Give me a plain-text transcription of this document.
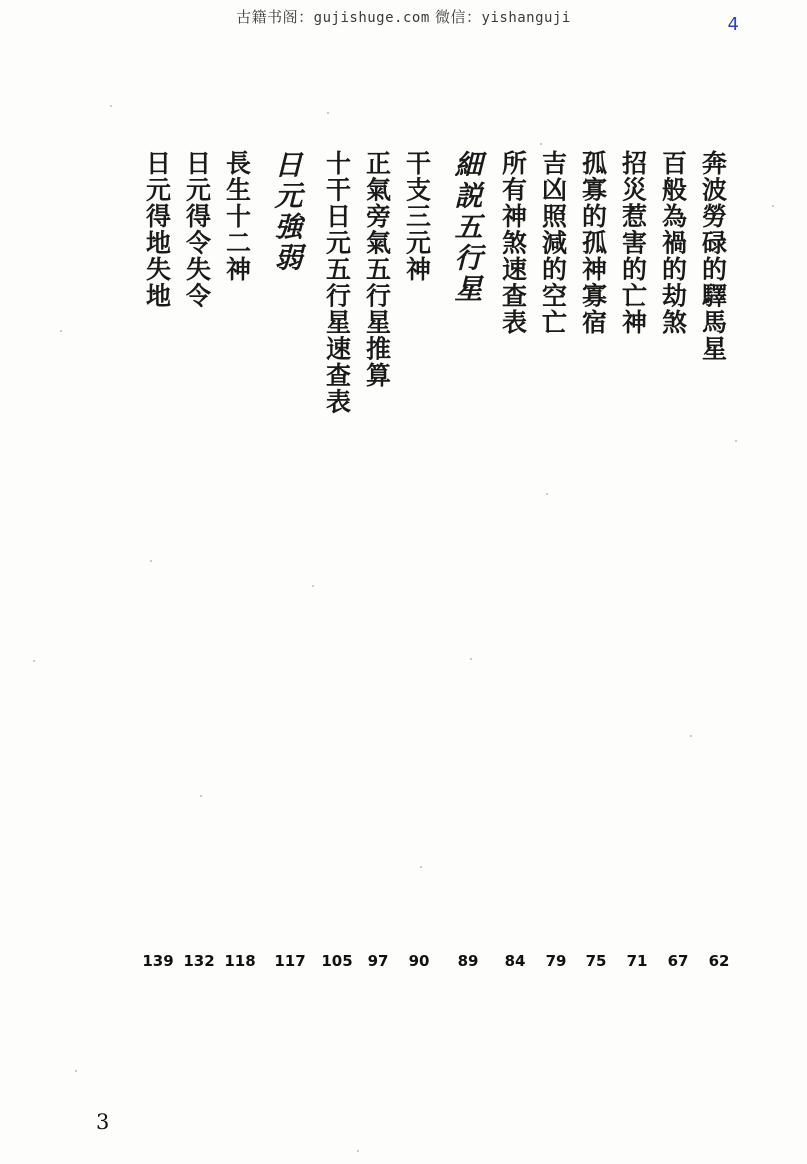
古籍书阁：gujishuge.com 微信：yishanguji	4
奔波勞碌的驛馬星
百般為禍的劫煞
招災惹害的亡神
孤寡的孤神寡宿
吉凶照減的空亡
所有神煞速查表
細説五行星
干支三元神
正氣旁氣五行星推算
十干日元五行星速查表
日元強弱
長生十二神
日元得令失令
日元得地失地
62
67
71
75
79
84
89
90
97
105
117
118
132
139
3
